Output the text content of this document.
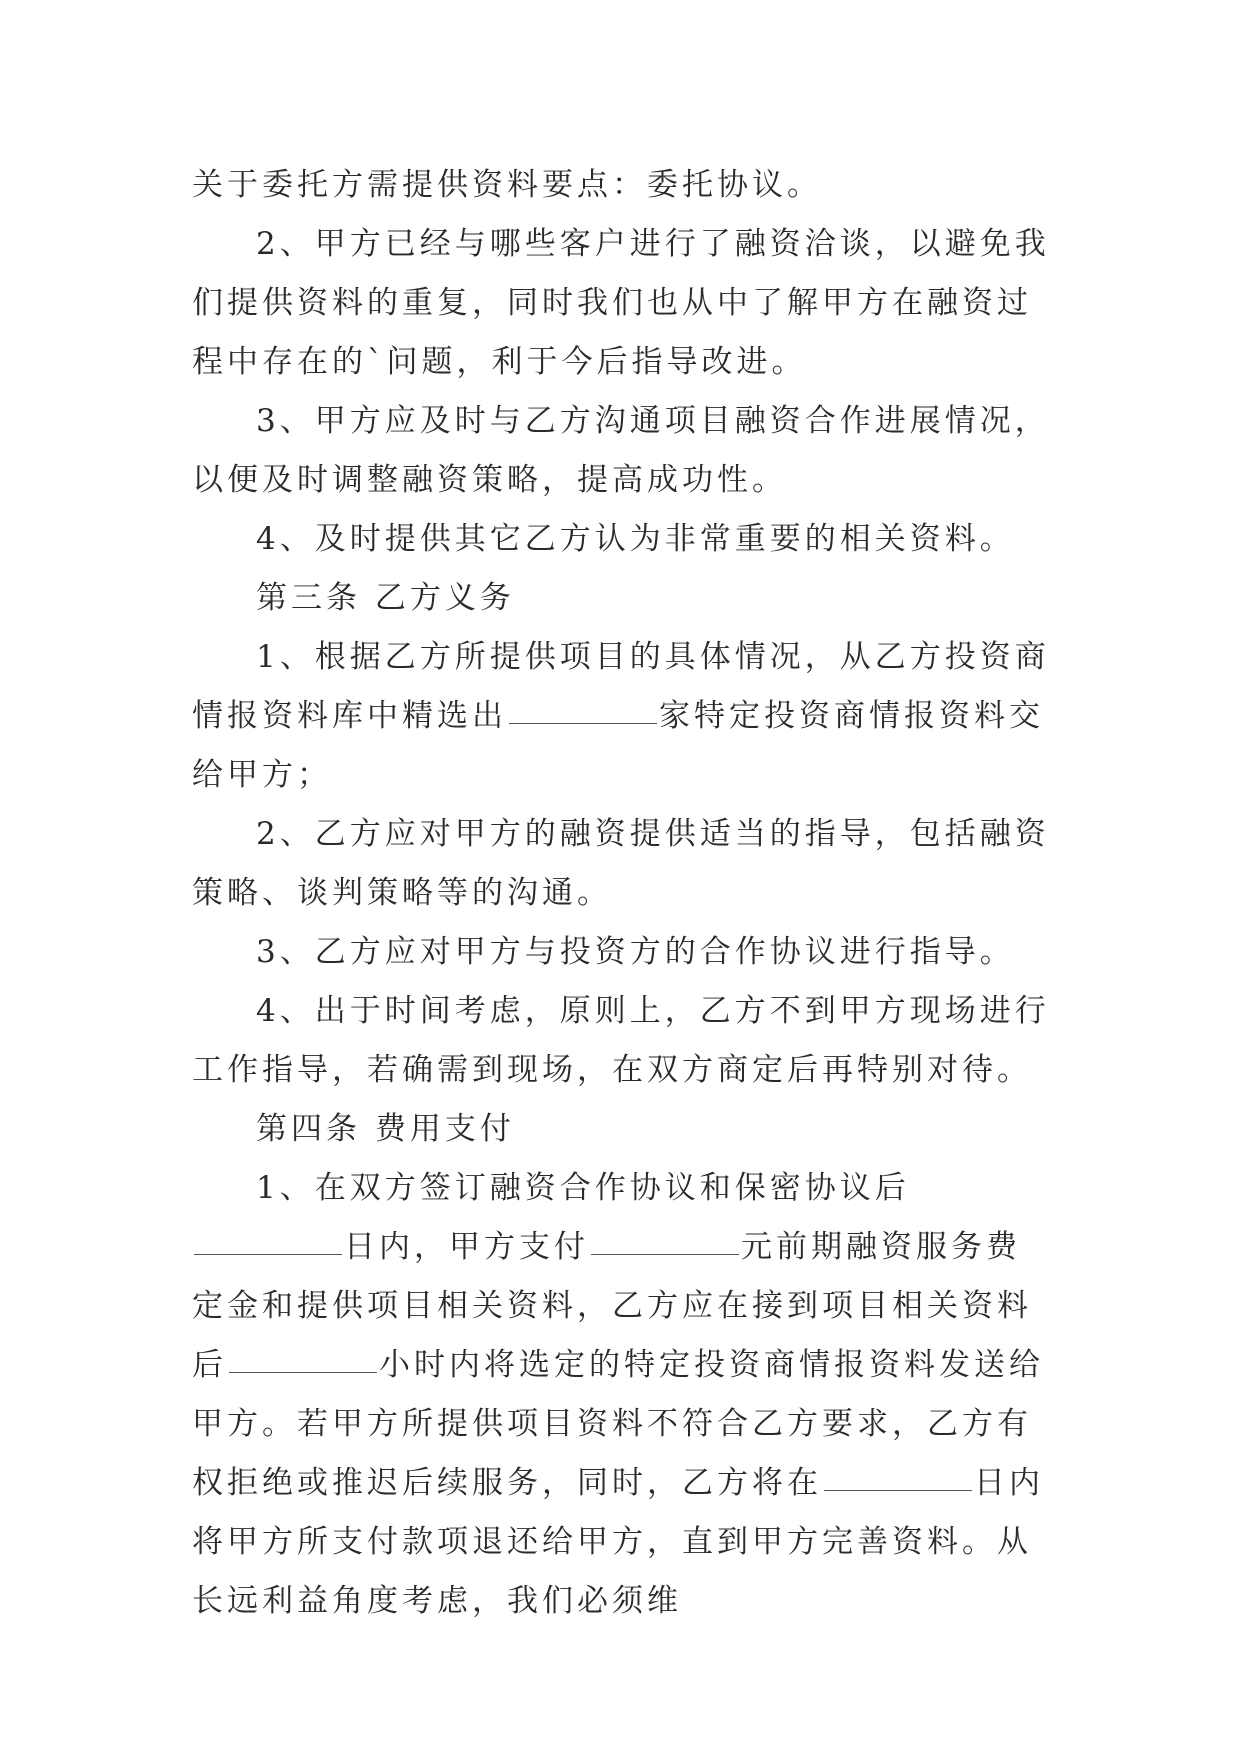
关于委托方需提供资料要点：委托协议。

2、甲方已经与哪些客户进行了融资洽谈，以避免我们提供资料的重复，同时我们也从中了解甲方在融资过程中存在的`问题，利于今后指导改进。

3、甲方应及时与乙方沟通项目融资合作进展情况，以便及时调整融资策略，提高成功性。

4、及时提供其它乙方认为非常重要的相关资料。

第三条 乙方义务

1、根据乙方所提供项目的具体情况，从乙方投资商情报资料库中精选出	家特定投资商情报资料交给甲方；

2、乙方应对甲方的融资提供适当的指导，包括融资策略、谈判策略等的沟通。

3、乙方应对甲方与投资方的合作协议进行指导。

4、出于时间考虑，原则上，乙方不到甲方现场进行工作指导，若确需到现场，在双方商定后再特别对待。

第四条 费用支付

1、在双方签订融资合作协议和保密协议后日内，甲方支付	元前期融资服务费定金和提供项目相关资料，乙方应在接到项目相关资料后	小时内将选定的特定投资商情报资料发送给甲方。若甲方所提供项目资料不符合乙方要求，乙方有权拒绝或推迟后续服务，同时，乙方将在	日内将甲方所支付款项退还给甲方，直到甲方完善资料。从长远利益角度考虑，我们必须维
